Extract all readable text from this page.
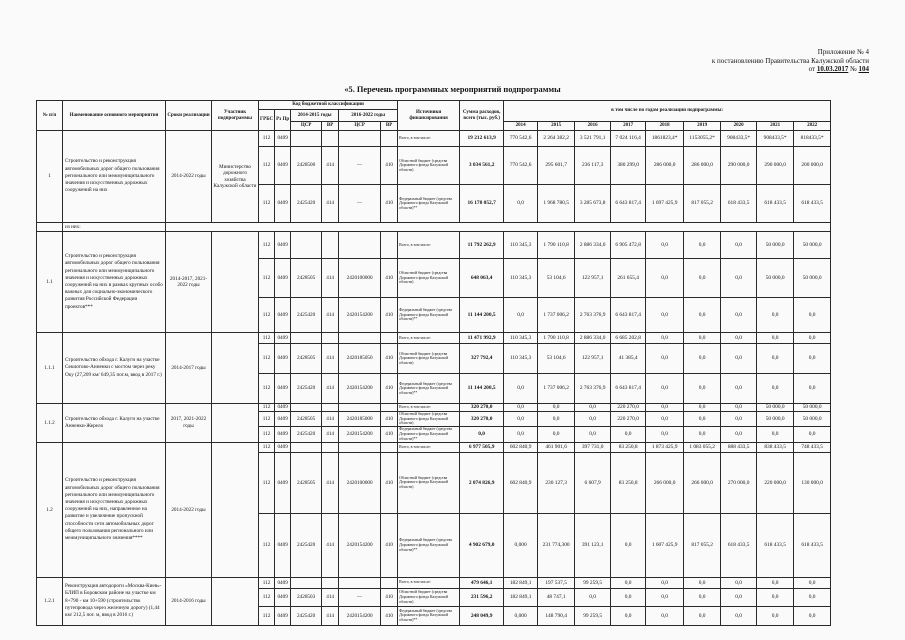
Приложение № 4
к постановлению Правительства Калужской области
от 10.03.2017 № 104
«5. Перечень программных мероприятий подпрограммы
№ п/п	Наименование основного мероприятия	Сроки реализации	Участник подпрограммы	Код бюджетной классификации						Источники финансирования	Сумма расходов, всего (тыс. руб.)	в том числе по годам реализации подпрограммы:								
				ГРБС	Рз Пр	2014-2015 годы		2016-2022 годы												

						ЦСР	ВР	ЦСР	ВР			2014	2015	2016	2017	2018	2019	2020	2021	2022
1	Строительство и реконструкция автомобильных дорог общего пользования регионального или межмуниципального значения и искусственных дорожных сооружений на них	2014-2022 годы	Министерство дорожного хозяйства Калужской области	112	0409					Всего, в том числе:	19 212 613,9	770 542,6	2 264 382,2	3 521 791,1	7 024 116,4	1861823,4*	1153055,2*	908433,5*	908433,5*	818433,5*
				112	0409	2428500	414	—	410	Областной бюджет (средства Дорожного фонда Калужской области)	3 034 561,2	770 542,6	295 601,7	236 117,3	380 299,0	286 000,0	286 000,0	290 000,0	290 000,0	200 000,0
				112	0409	2425420	414	—	410	Федеральный бюджет (средства Дорожного фонда Калужской области)**	16 178 052,7	0,0	1 968 780,5	3 285 673,8	6 643 817,4	1 697 425,9	817 055,2	618 433,5	618 433,5	618 433,5
	из них:																			
1.1	Строительство и реконструкция автомобильных дорог общего пользования регионального или межмуниципального значения и искусственных дорожных сооружений на них в рамках крупных особо важных для социально-экономического развития Российской Федерации проектов***	2014-2017, 2021-2022 годы		112	0409					Всего, в том числе:	11 792 262,9	110 345,3	1 790 110,8	2 886 334,0	6 905 472,8	0,0	0,0	0,0	50 000,0	50 000,0
				112	0409	2428505	414	2420100000	410	Областной бюджет (средства Дорожного фонда Калужской области)	648 063,4	110 345,3	53 104,6	122 957,1	261 655,4	0,0	0,0	0,0	50 000,0	50 000,0
				112	0409	2425420	414	2420154200	410	Федеральный бюджет (средства Дорожного фонда Калужской области)**	11 144 200,5	0,0	1 737 006,2	2 763 376,9	6 643 817,4	0,0	0,0	0,0	0,0	0,0
1.1.1	Строительство обхода г. Калуги на участке Секиотово-Анненки с мостом через реку Оку (27,209 км/ 649,35 пог.м, ввод в 2017 г.)	2014-2017 годы		112	0409					Всего, в том числе:	11 471 992,9	110 345,3	1 790 110,8	2 886 334,0	6 685 202,8	0,0	0,0	0,0	0,0	0,0
				112	0409	2428505	414	2420185050	410	Областной бюджет (средства Дорожного фонда Калужской области)	327 792,4	110 345,3	53 104,6	122 957,1	41 385,4	0,0	0,0	0,0	0,0	0,0
				112	0409	2425420	414	2420154200	410	Федеральный бюджет (средства Дорожного фонда Калужской области)**	11 144 200,5	0,0	1 737 006,2	2 763 376,9	6 643 817,4	0,0	0,0	0,0	0,0	0,0
1.1.2	Строительство обхода г. Калуги на участке Анненки-Жерело	2017, 2021-2022 годы		112	0409					Всего, в том числе:	320 270,0	0,0	0,0	0,0	220 270,0	0,0	0,0	0,0	50 000,0	50 000,0
				112	0409	2428505	414	2420185000	410	Областной бюджет (средства Дорожного фонда Калужской области)	320 270,0	0,0	0,0	0,0	220 270,0	0,0	0,0	0,0	50 000,0	50 000,0
				112	0409	2425420	414	2420154200	410	Федеральный бюджет (средства Дорожного фонда Калужской области)**	0,0	0,0	0,0	0,0	0,0	0,0	0,0	0,0	0,0	0,0
1.2	Строительство и реконструкция автомобильных дорог общего пользования регионального или межмуниципального значения и искусственных дорожных сооружений на них, направленное на развитие и увеличение пропускной способности сети автомобильных дорог общего пользования регионального или межмуниципального значения****	2014-2022 годы		112	0409					Всего, в том числе:	6 977 505,9	602 840,9	461 901,6	397 731,0	83 250,8	1 873 425,9	1 083 055,2	888 433,5	838 433,5	748 433,5
				112	0409	2428505	414	2420100000	410	Областной бюджет (средства Дорожного фонда Калужской области)	2 074 826,9	602 840,9	230 127,3	6 607,9	83 250,8	266 000,0	266 000,0	270 000,0	220 000,0	130 000,0
				112	0409	2425420	414	2420154200	410	Федеральный бюджет (средства Дорожного фонда Калужской области)**	4 902 679,0	0,000	231 774,300	391 123,1	0,0	1 607 425,9	817 055,2	618 433,5	618 433,5	618 433,5
1.2.1	Реконструкция автодороги «Москва-Киев»-БЛИП в Боровском районе на участке км 8+790 - км 10+590 (строительство путепровода через железную дорогу) (1,44 км/ 212,5 пог. м, ввод в 2016 г.)	2014-2016 годы		112	0409					Всего, в том числе:	479 646,1	182 849,1	197 537,5	99 259,5	0,0	0,0	0,0	0,0	0,0	0,0
				112	0409	2428503	414	—	410	Областной бюджет (средства Дорожного фонда Калужской области)	231 596,2	182 849,1	48 747,1	0,0	0,0	0,0	0,0	0,0	0,0	0,0
				112	0409	2425420	414	2420154200	410	Федеральный бюджет (средства Дорожного фонда Калужской области)**	248 049,9	0,000	148 790,4	99 259,5	0,0	0,0	0,0	0,0	0,0	0,0
